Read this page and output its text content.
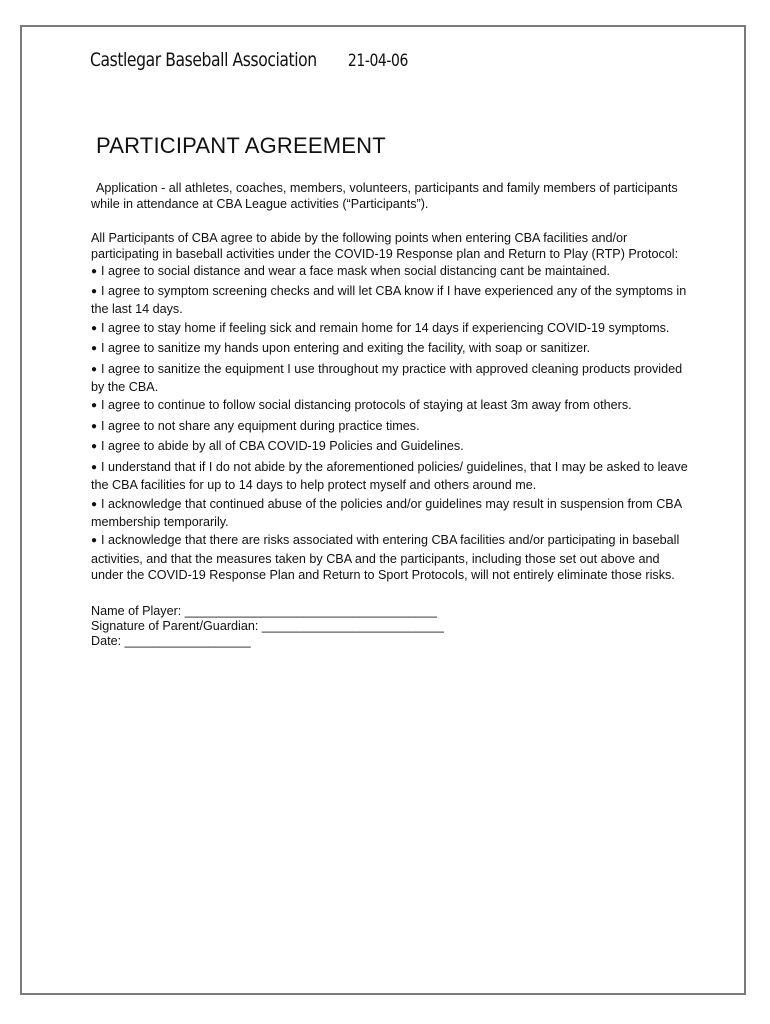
Castlegar Baseball Association 21-04-06
PARTICIPANT AGREEMENT

Application - all athletes, coaches, members, volunteers, participants and family members of participants while in attendance at CBA League activities (“Participants”).

All Participants of CBA agree to abide by the following points when entering CBA facilities and/or participating in baseball activities under the COVID-19 Response plan and Return to Play (RTP) Protocol:

● I agree to social distance and wear a face mask when social distancing cant be maintained.
● I agree to symptom screening checks and will let CBA know if I have experienced any of the symptoms in the last 14 days.
● I agree to stay home if feeling sick and remain home for 14 days if experiencing COVID-19 symptoms.
● I agree to sanitize my hands upon entering and exiting the facility, with soap or sanitizer.
● I agree to sanitize the equipment I use throughout my practice with approved cleaning products provided by the CBA.
● I agree to continue to follow social distancing protocols of staying at least 3m away from others.
● I agree to not share any equipment during practice times.
● I agree to abide by all of CBA COVID-19 Policies and Guidelines.
● I understand that if I do not abide by the aforementioned policies/ guidelines, that I may be asked to leave the CBA facilities for up to 14 days to help protect myself and others around me.
● I acknowledge that continued abuse of the policies and/or guidelines may result in suspension from CBA membership temporarily.
● I acknowledge that there are risks associated with entering CBA facilities and/or participating in baseball activities, and that the measures taken by CBA and the participants, including those set out above and under the COVID-19 Response Plan and Return to Sport Protocols, will not entirely eliminate those risks.
Name of Player: ____________________________________
Signature of Parent/Guardian: __________________________
Date: __________________
